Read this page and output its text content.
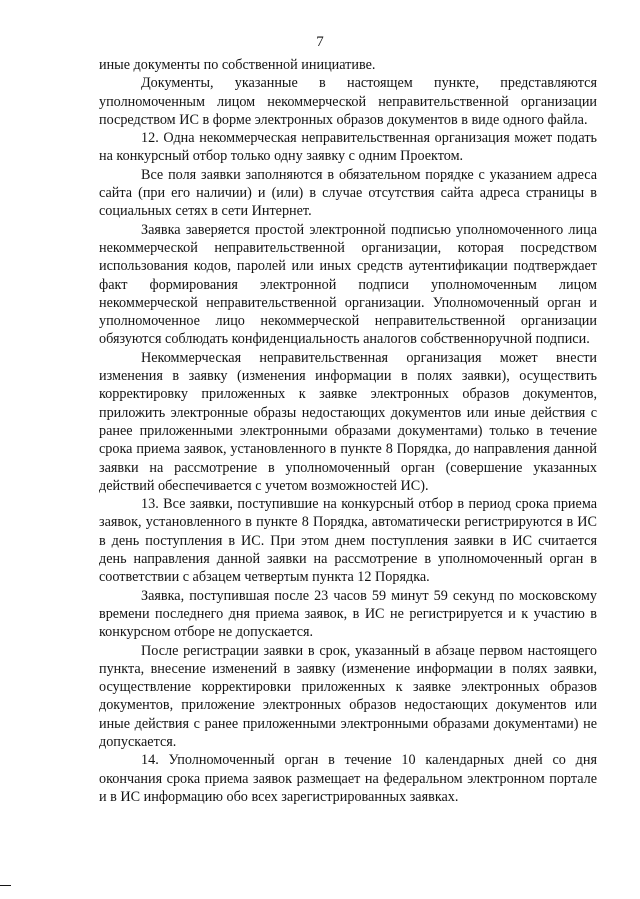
7

иные документы по собственной инициативе.

Документы, указанные в настоящем пункте, представляются уполномоченным лицом некоммерческой неправительственной организации посредством ИС в форме электронных образов документов в виде одного файла.

12. Одна некоммерческая неправительственная организация может подать на конкурсный отбор только одну заявку с одним Проектом.

Все поля заявки заполняются в обязательном порядке с указанием адреса сайта (при его наличии) и (или) в случае отсутствия сайта адреса страницы в социальных сетях в сети Интернет.

Заявка заверяется простой электронной подписью уполномоченного лица некоммерческой неправительственной организации, которая посредством использования кодов, паролей или иных средств аутентификации подтверждает факт формирования электронной подписи уполномоченным лицом некоммерческой неправительственной организации. Уполномоченный орган и уполномоченное лицо некоммерческой неправительственной организации обязуются соблюдать конфиденциальность аналогов собственноручной подписи.

Некоммерческая неправительственная организация может внести изменения в заявку (изменения информации в полях заявки), осуществить корректировку приложенных к заявке электронных образов документов, приложить электронные образы недостающих документов или иные действия с ранее приложенными электронными образами документами) только в течение срока приема заявок, установленного в пункте 8 Порядка, до направления данной заявки на рассмотрение в уполномоченный орган (совершение указанных действий обеспечивается с учетом возможностей ИС).

13. Все заявки, поступившие на конкурсный отбор в период срока приема заявок, установленного в пункте 8 Порядка, автоматически регистрируются в ИС в день поступления в ИС. При этом днем поступления заявки в ИС считается день направления данной заявки на рассмотрение в уполномоченный орган в соответствии с абзацем четвертым пункта 12 Порядка.

Заявка, поступившая после 23 часов 59 минут 59 секунд по московскому времени последнего дня приема заявок, в ИС не регистрируется и к участию в конкурсном отборе не допускается.

После регистрации заявки в срок, указанный в абзаце первом настоящего пункта, внесение изменений в заявку (изменение информации в полях заявки, осуществление корректировки приложенных к заявке электронных образов документов, приложение электронных образов недостающих документов или иные действия с ранее приложенными электронными образами документами) не допускается.

14. Уполномоченный орган в течение 10 календарных дней со дня окончания срока приема заявок размещает на федеральном электронном портале и в ИС информацию обо всех зарегистрированных заявках.
